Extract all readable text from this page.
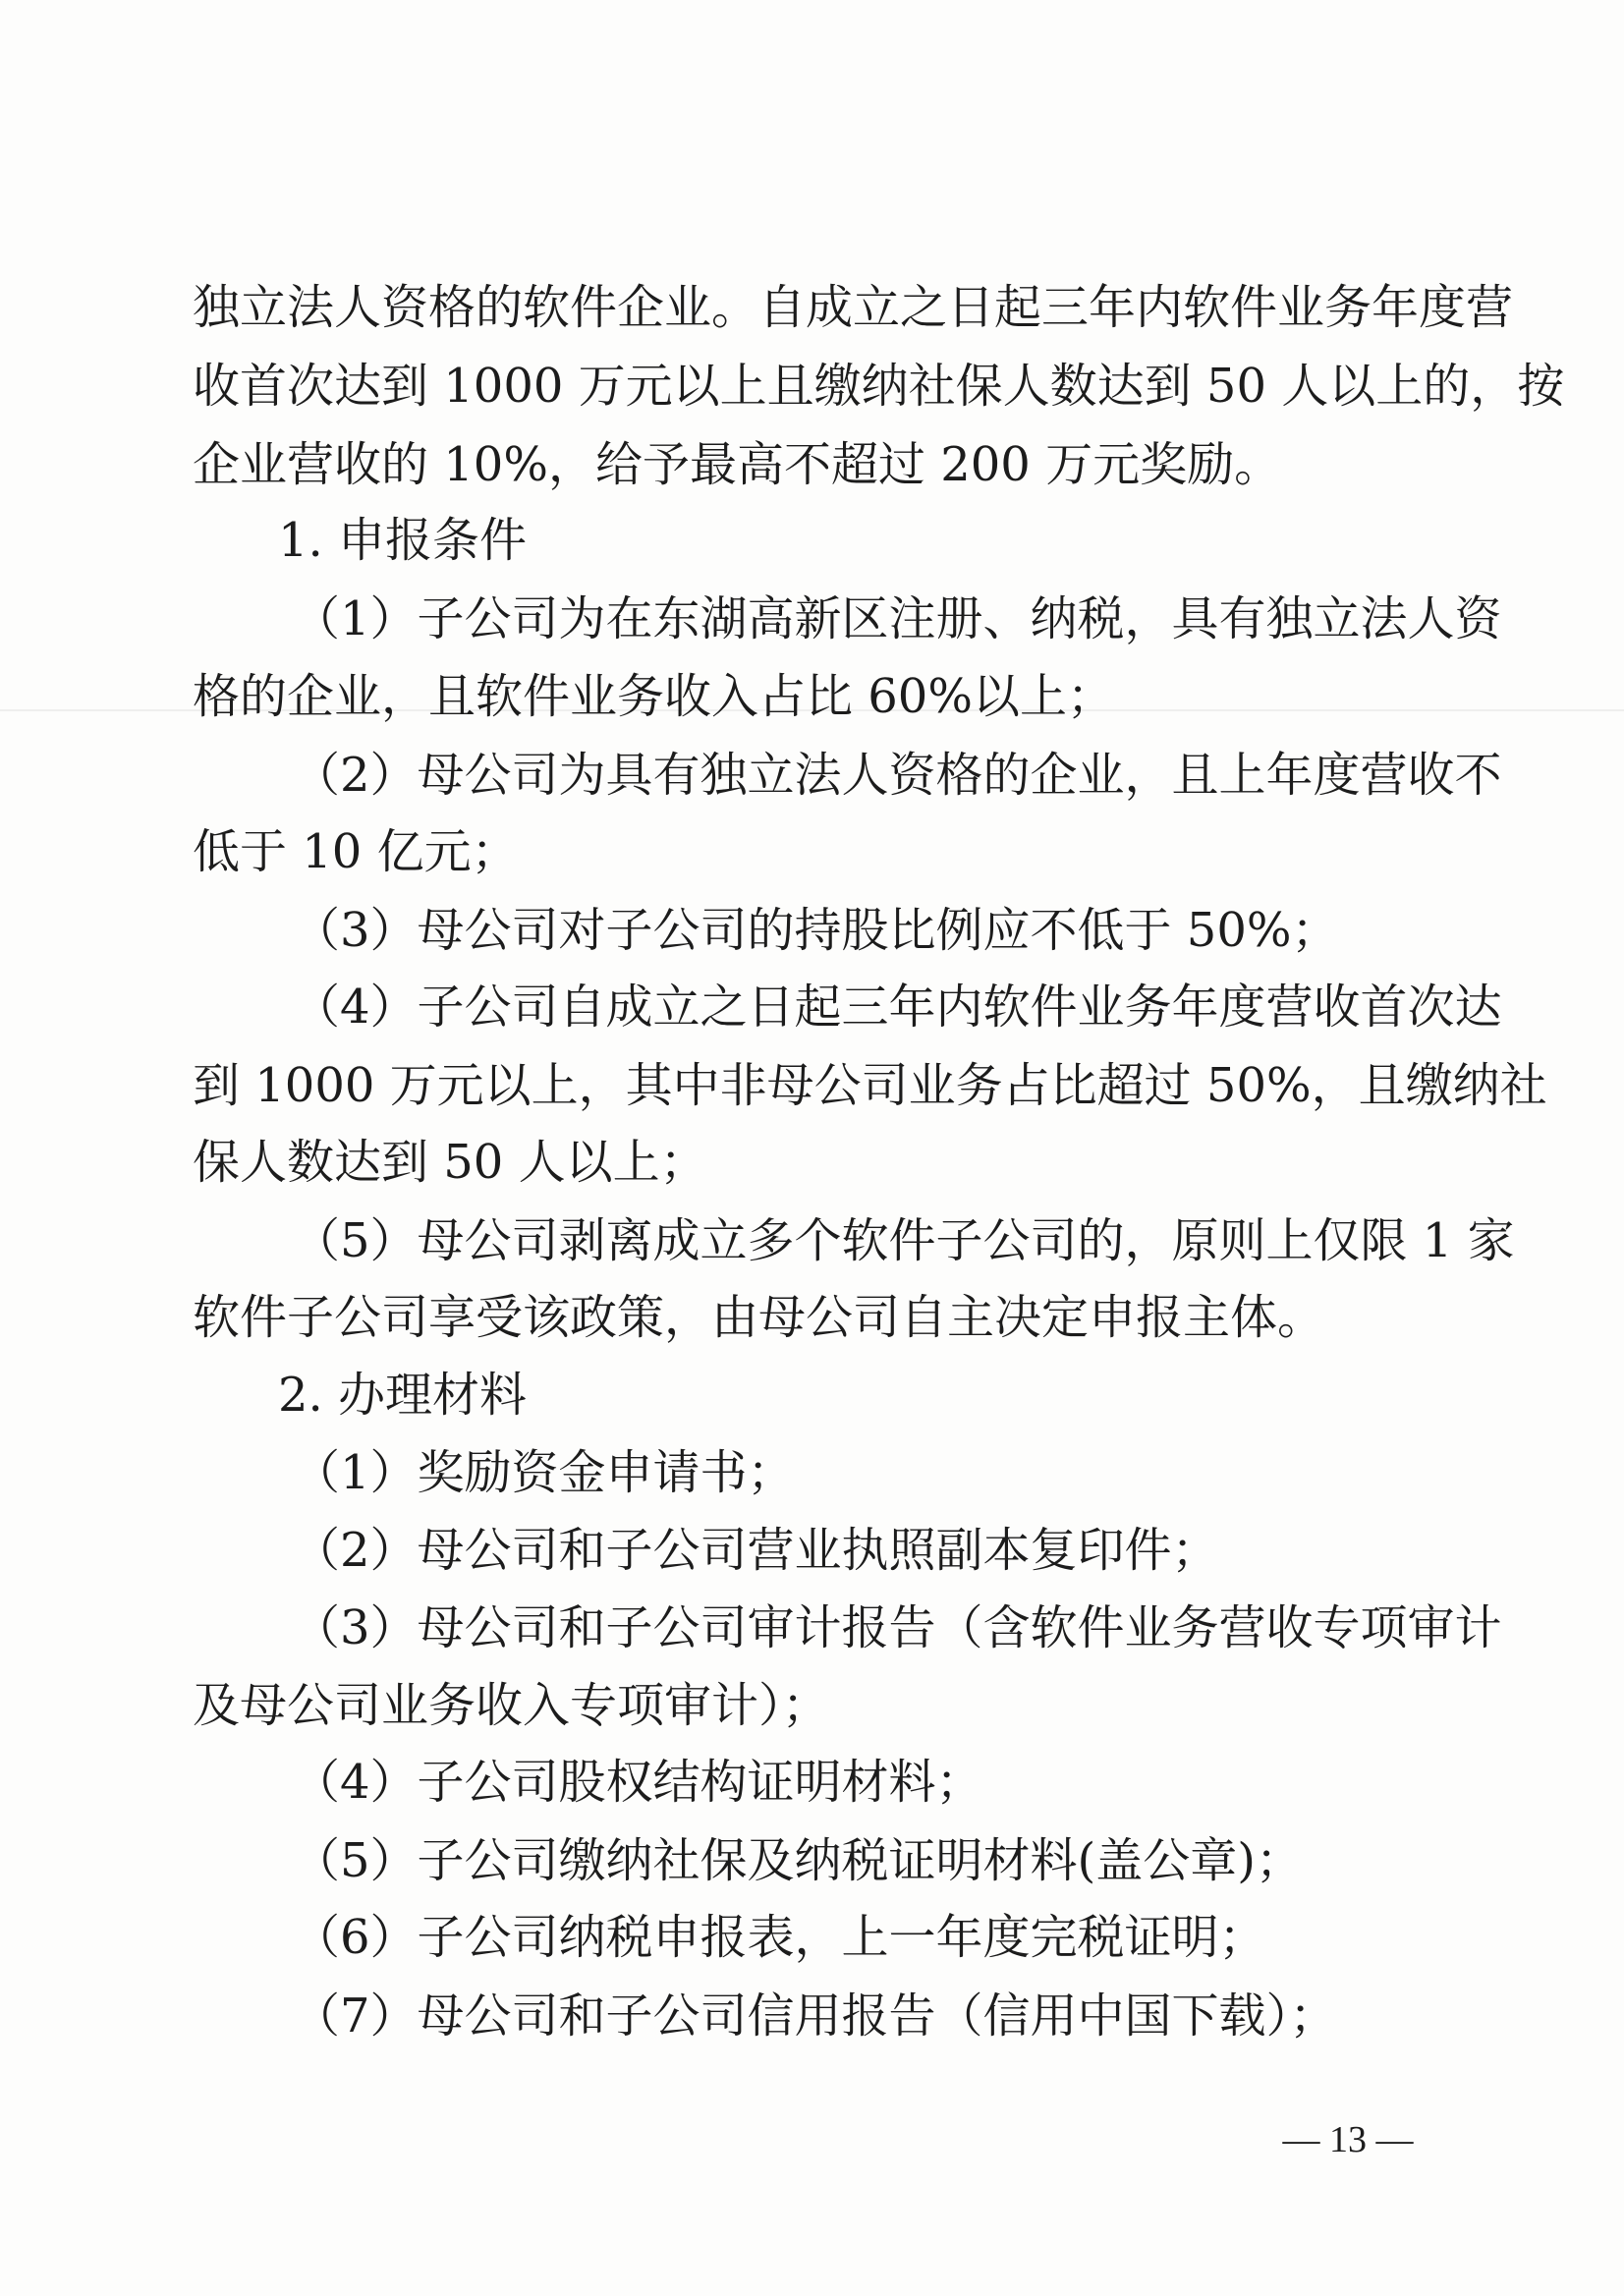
独立法人资格的软件企业。自成立之日起三年内软件业务年度营
收首次达到 1000 万元以上且缴纳社保人数达到 50 人以上的，按
企业营收的 10%，给予最高不超过 200 万元奖励。
1. 申报条件
（1）子公司为在东湖高新区注册、纳税，具有独立法人资
格的企业，且软件业务收入占比 60%以上；
（2）母公司为具有独立法人资格的企业，且上年度营收不
低于 10 亿元；
（3）母公司对子公司的持股比例应不低于 50%；
（4）子公司自成立之日起三年内软件业务年度营收首次达
到 1000 万元以上，其中非母公司业务占比超过 50%，且缴纳社
保人数达到 50 人以上；
（5）母公司剥离成立多个软件子公司的，原则上仅限 1 家
软件子公司享受该政策，由母公司自主决定申报主体。
2. 办理材料
（1）奖励资金申请书；
（2）母公司和子公司营业执照副本复印件；
（3）母公司和子公司审计报告（含软件业务营收专项审计
及母公司业务收入专项审计）；
（4）子公司股权结构证明材料；
（5）子公司缴纳社保及纳税证明材料(盖公章)；
（6）子公司纳税申报表，上一年度完税证明；
（7）母公司和子公司信用报告（信用中国下载）；
— 13 —
